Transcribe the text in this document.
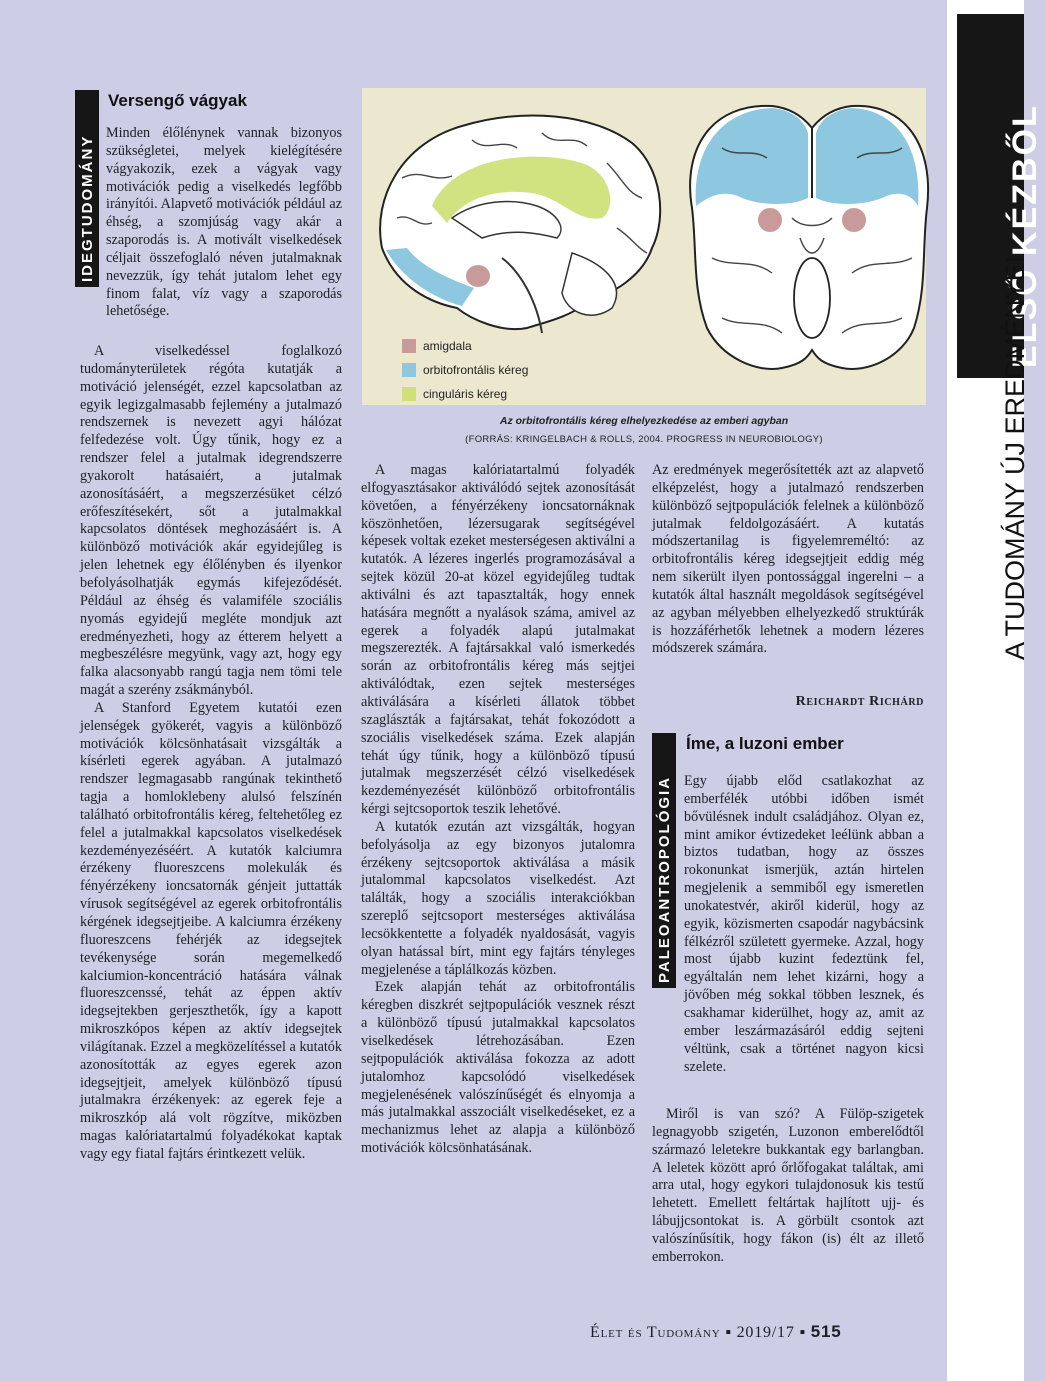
ELSŐ KÉZBŐL
A TUDOMÁNY ÚJ EREDMÉNYEI
IDEGTUDOMÁNY
Versengő vágyak

Minden élőlénynek vannak bizonyos szükségletei, melyek kielégítésére vágyakozik, ezek a vágyak vagy motivációk pedig a viselkedés legfőbb irányítói. Alapvető motivációk például az éhség, a szomjúság vagy akár a szaporodás is. A motivált viselkedések céljait összefoglaló néven jutalmaknak nevezzük, így tehát jutalom lehet egy finom falat, víz vagy a szaporodás lehetősége.

A viselkedéssel foglalkozó tudományterületek régóta kutatják a motiváció jelenségét, ezzel kapcsolatban az egyik legizgalmasabb fejlemény a jutalmazó rendszernek is nevezett agyi hálózat felfedezése volt. Úgy tűnik, hogy ez a rendszer felel a jutalmak idegrendszerre gyakorolt hatásaiért, a jutalmak azonosításáért, a megszerzésüket célzó erőfeszítésekért, sőt a jutalmakkal kapcsolatos döntések meghozásáért is. A különböző motivációk akár egyidejűleg is jelen lehetnek egy élőlényben és ilyenkor befolyásolhatják egymás kifejeződését. Például az éhség és valamiféle szociális nyomás egyidejű megléte mondjuk azt eredményezheti, hogy az étterem helyett a megbeszélésre megyünk, vagy azt, hogy egy falka alacsonyabb rangú tagja nem tömi tele magát a szerény zsákmányból.

A Stanford Egyetem kutatói ezen jelenségek gyökerét, vagyis a különböző motivációk kölcsönhatásait vizsgálták a kísérleti egerek agyában. A jutalmazó rendszer legmagasabb rangúnak tekinthető tagja a homloklebeny alulsó felszínén található orbitofrontális kéreg, feltehetőleg ez felel a jutalmakkal kapcsolatos viselkedések kezdeményezéséért. A kutatók kalciumra érzékeny fluoreszcens molekulák és fényérzékeny ioncsatornák génjeit juttatták vírusok segítségével az egerek orbitofrontális kérgének idegsejtjeibe. A kalciumra érzékeny fluoreszcens fehérjék az idegsejtek tevékenysége során megemelkedő kalciumion-koncentráció hatására válnak fluoreszcenssé, tehát az éppen aktív idegsejtekben gerjeszthetők, így a kapott mikroszkópos képen az aktív idegsejtek világítanak. Ezzel a megközelítéssel a kutatók azonosították az egyes egerek azon idegsejtjeit, amelyek különböző típusú jutalmakra érzékenyek: az egerek feje a mikroszkóp alá volt rögzítve, miközben magas kalóriatartalmú folyadékokat kaptak vagy egy fiatal fajtárs érintkezett velük.

amigdala
orbitofrontális kéreg
cinguláris kéreg
Az orbitofrontális kéreg elhelyezkedése az emberi agyban
(FORRÁS: KRINGELBACH & ROLLS, 2004. PROGRESS IN NEUROBIOLOGY)

A magas kalóriatartalmú folyadék elfogyasztásakor aktiválódó sejtek azonosítását követően, a fényérzékeny ioncsatornáknak köszönhetően, lézersugarak segítségével képesek voltak ezeket mesterségesen aktiválni a kutatók. A lézeres ingerlés programozásával a sejtek közül 20-at közel egyidejűleg tudtak aktiválni és azt tapasztalták, hogy ennek hatására megnőtt a nyalások száma, amivel az egerek a folyadék alapú jutalmakat megszerezték. A fajtársakkal való ismerkedés során az orbitofrontális kéreg más sejtjei aktiválódtak, ezen sejtek mesterséges aktiválására a kísérleti állatok többet szaglászták a fajtársakat, tehát fokozódott a szociális viselkedések száma. Ezek alapján tehát úgy tűnik, hogy a különböző típusú jutalmak megszerzését célzó viselkedések kezdeményezését különböző orbitofrontális kérgi sejtcsoportok teszik lehetővé.

A kutatók ezután azt vizsgálták, hogyan befolyásolja az egy bizonyos jutalomra érzékeny sejtcsoportok aktiválása a másik jutalommal kapcsolatos viselkedést. Azt találták, hogy a szociális interakciókban szereplő sejtcsoport mesterséges aktiválása lecsökkentette a folyadék nyaldosását, vagyis olyan hatással bírt, mint egy fajtárs tényleges megjelenése a táplálkozás közben.

Ezek alapján tehát az orbitofrontális kéregben diszkrét sejtpopulációk vesznek részt a különböző típusú jutalmakkal kapcsolatos viselkedések létrehozásában. Ezen sejtpopulációk aktiválása fokozza az adott jutalomhoz kapcsolódó viselkedések megjelenésének valószínűségét és elnyomja a más jutalmakkal asszociált viselkedéseket, ez a mechanizmus lehet az alapja a különböző motivációk kölcsönhatásának.

Az eredmények megerősítették azt az alapvető elképzelést, hogy a jutalmazó rendszerben különböző sejtpopulációk felelnek a különböző jutalmak feldolgozásáért. A kutatás módszertanilag is figyelemreméltó: az orbitofrontális kéreg idegsejtjeit eddig még nem sikerült ilyen pontossággal ingerelni – a kutatók által használt megoldások segítségével az agyban mélyebben elhelyezkedő struktúrák is hozzáférhetők lehetnek a modern lézeres módszerek számára.

Reichardt Richárd
PALEOANTROPOLÓGIA
Íme, a luzoni ember

Egy újabb előd csatlakozhat az emberfélék utóbbi időben ismét bővülésnek indult családjához. Olyan ez, mint amikor évtizedeket leélünk abban a biztos tudatban, hogy az összes rokonunkat ismerjük, aztán hirtelen megjelenik a semmiből egy ismeretlen unokatestvér, akiről kiderül, hogy az egyik, közismerten csapodár nagybácsink félkézről született gyermeke. Azzal, hogy most újabb kuzint fedeztünk fel, egyáltalán nem lehet kizárni, hogy a jövőben még sokkal többen lesznek, és csakhamar kiderülhet, hogy az, amit az ember leszármazásáról eddig sejteni véltünk, csak a történet nagyon kicsi szelete.

Miről is van szó? A Fülöp-szigetek legnagyobb szigetén, Luzonon emberelődtől származó leletekre bukkantak egy barlangban. A leletek között apró őrlőfogakat találtak, ami arra utal, hogy egykori tulajdonosuk kis testű lehetett. Emellett feltártak hajlított ujj- és lábujjcsontokat is. A görbült csontok azt valószínűsítik, hogy fákon (is) élt az illető emberrokon.

Élet és Tudomány ▪ 2019/17 ▪ 515
